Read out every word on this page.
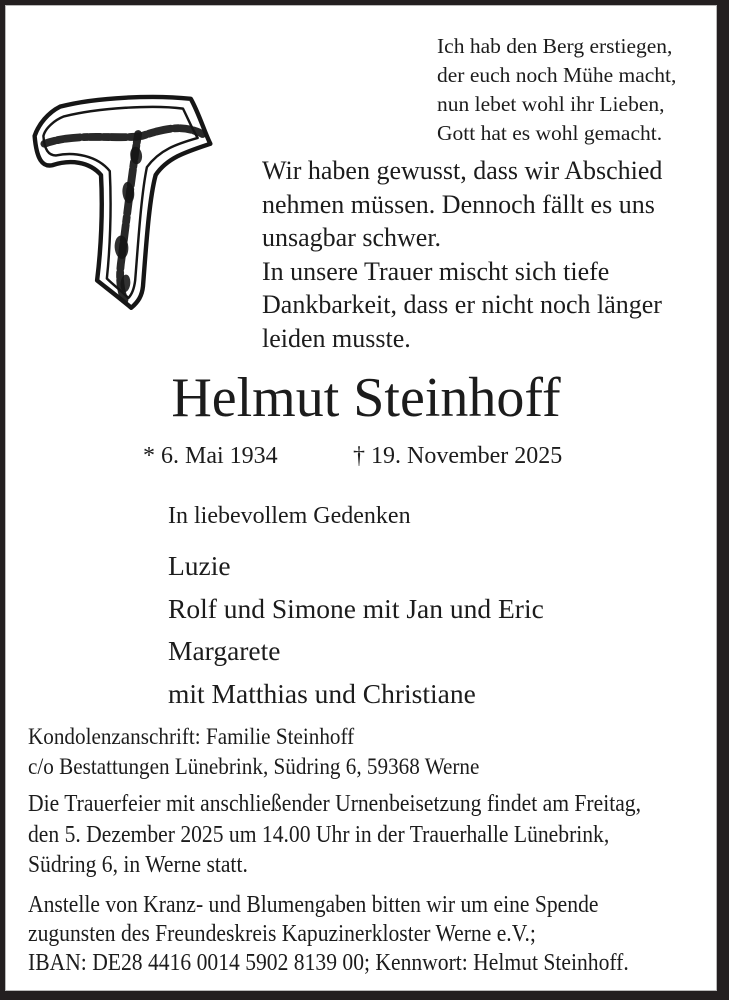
Ich hab den Berg erstiegen,
der euch noch Mühe macht,
nun lebet wohl ihr Lieben,
Gott hat es wohl gemacht.
Wir haben gewusst, dass wir Abschied
nehmen müssen. Dennoch fällt es uns
unsagbar schwer.
In unsere Trauer mischt sich tiefe
Dankbarkeit, dass er nicht noch länger
leiden musste.
Helmut Steinhoff
* 6. Mai 1934	† 19. November 2025
In liebevollem Gedenken
Luzie
Rolf und Simone mit Jan und Eric
Margarete
mit Matthias und Christiane
Kondolenzanschrift: Familie Steinhoff
c/o Bestattungen Lünebrink, Südring 6, 59368 Werne
Die Trauerfeier mit anschließender Urnenbeisetzung findet am Freitag,
den 5. Dezember 2025 um 14.00 Uhr in der Trauerhalle Lünebrink,
Südring 6, in Werne statt.
Anstelle von Kranz- und Blumengaben bitten wir um eine Spende
zugunsten des Freundeskreis Kapuzinerkloster Werne e.V.;
IBAN: DE28 4416 0014 5902 8139 00; Kennwort: Helmut Steinhoff.
